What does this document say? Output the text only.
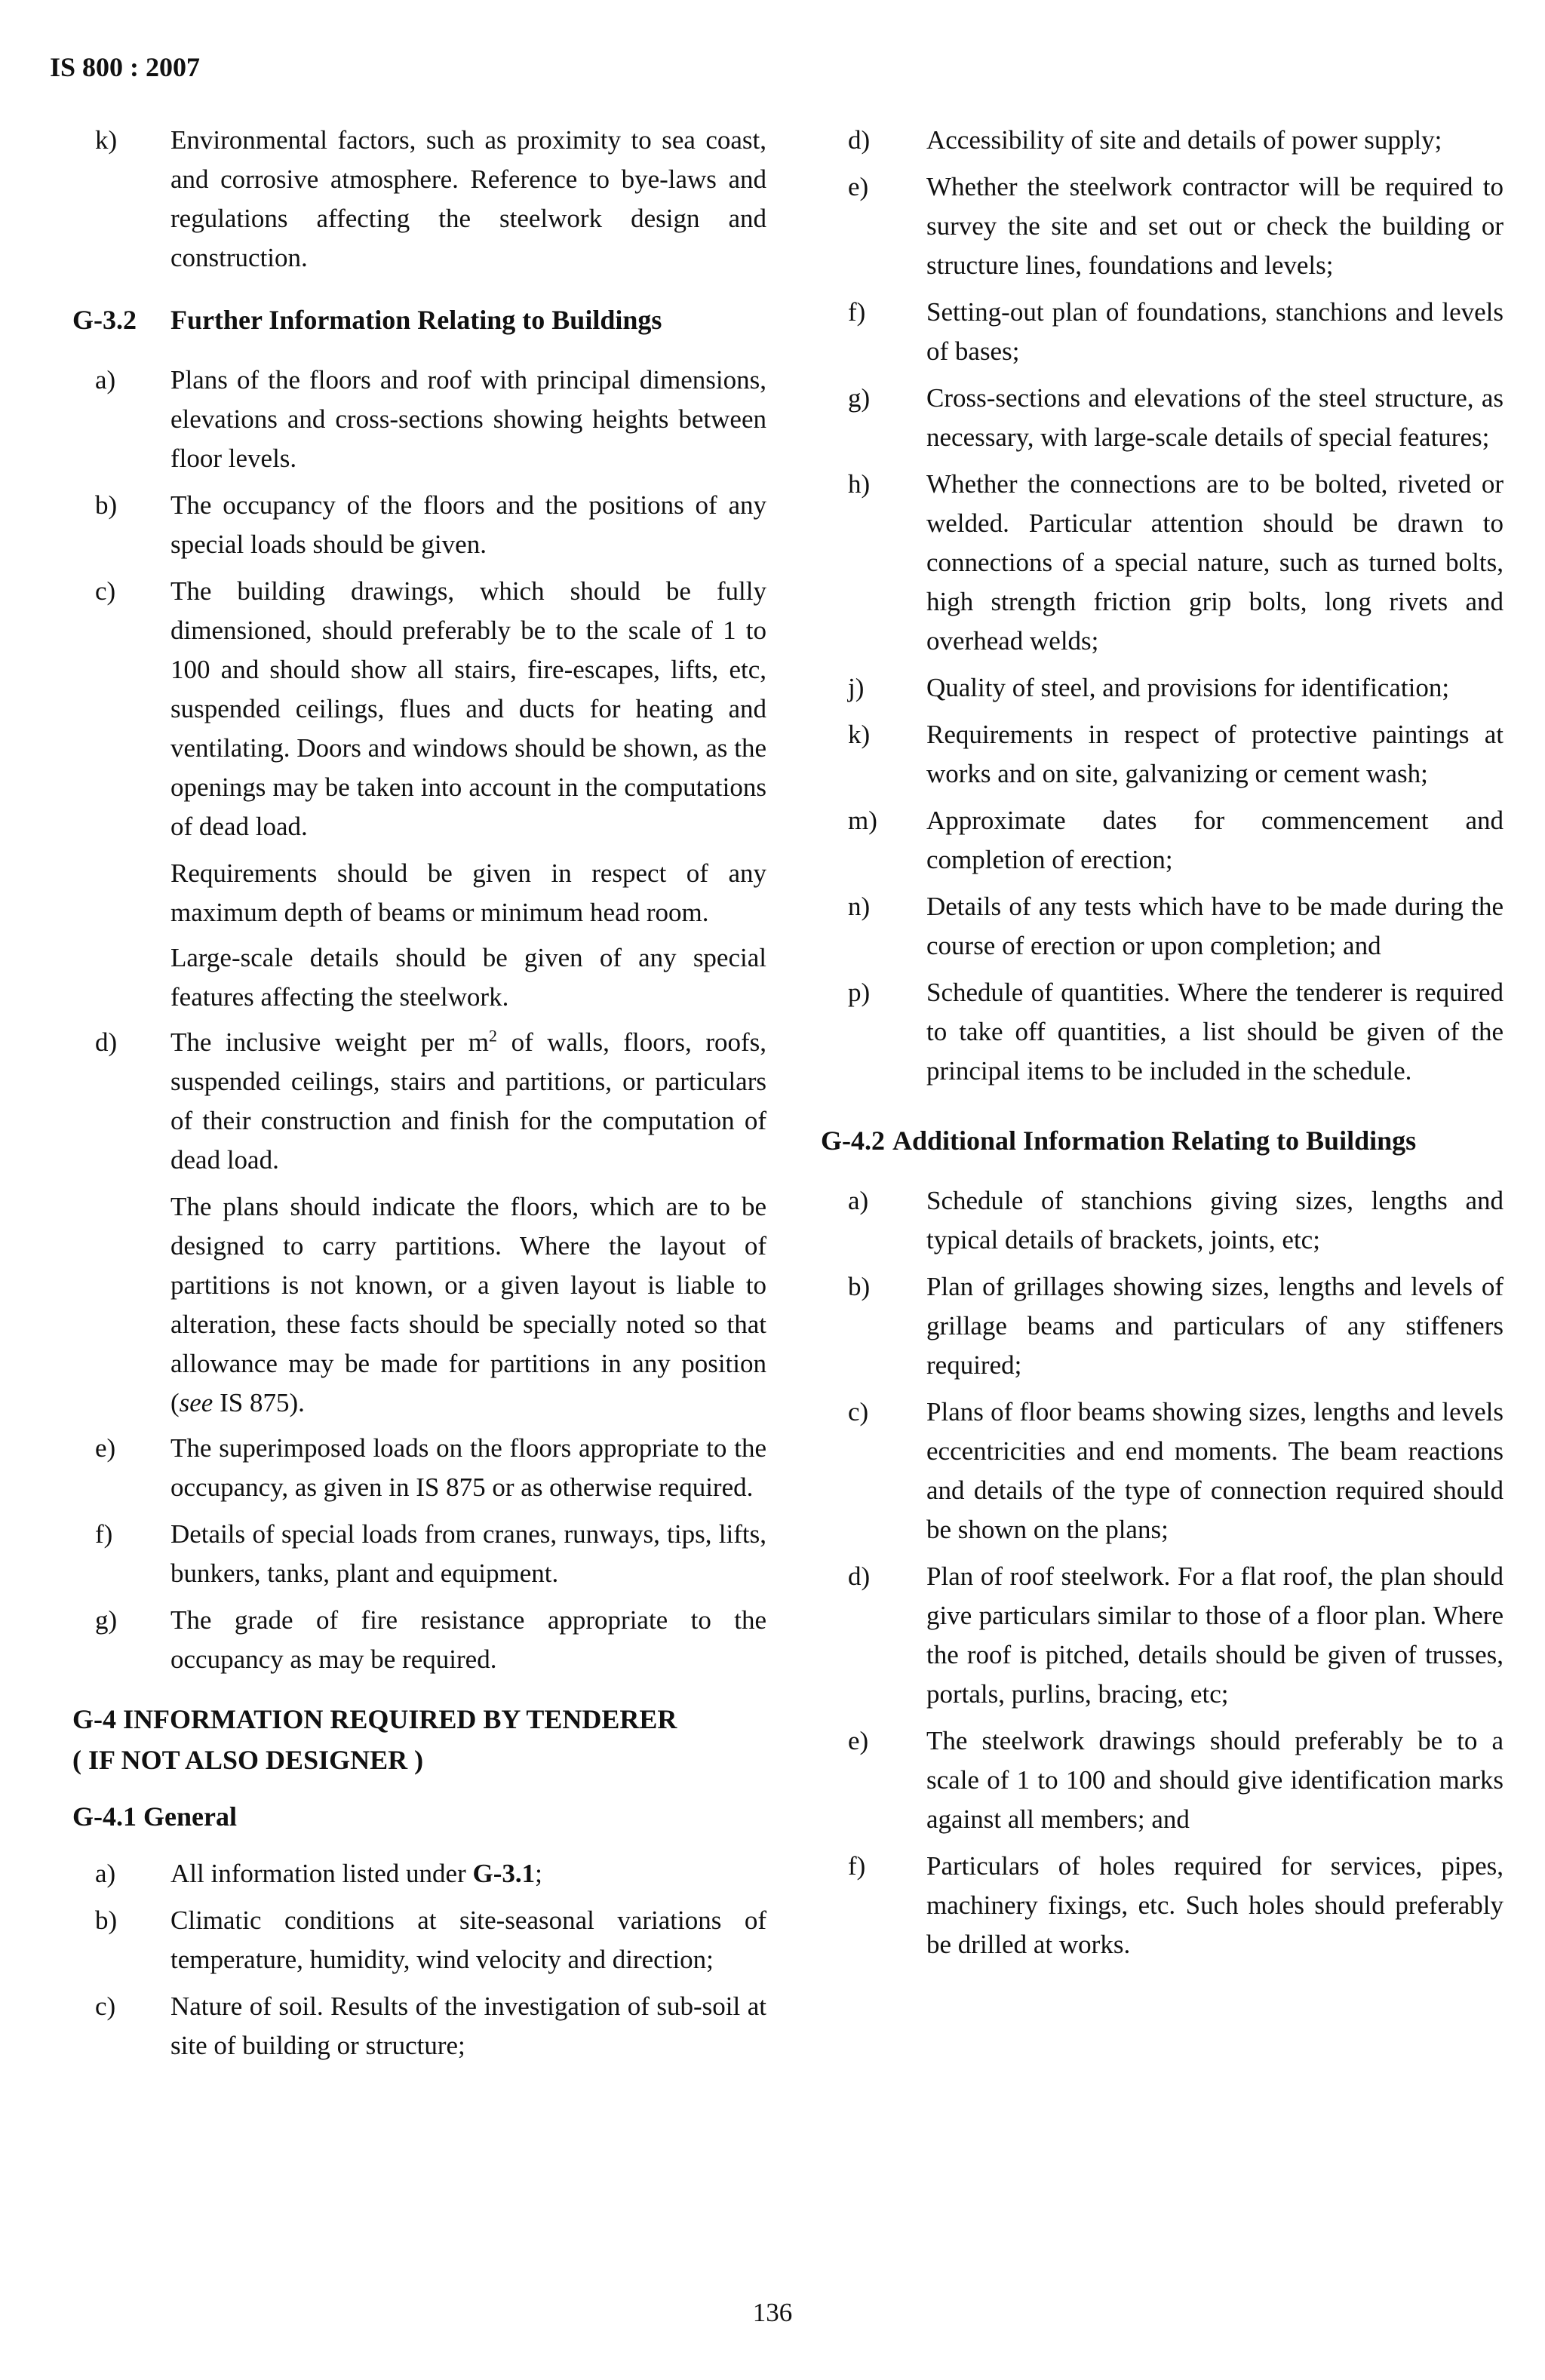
IS 800 : 2007
k)	Environmental factors, such as proximity to sea coast, and corrosive atmosphere. Reference to bye-laws and regulations affecting the steelwork design and construction.
G-3.2	Further Information Relating to Buildings
a)	Plans of the floors and roof with principal dimensions, elevations and cross-sections showing heights between floor levels.
b)	The occupancy of the floors and the positions of any special loads should be given.
c)	The building drawings, which should be fully dimensioned, should preferably be to the scale of 1 to 100 and should show all stairs, fire-escapes, lifts, etc, suspended ceilings, flues and ducts for heating and ventilating. Doors and windows should be shown, as the openings may be taken into account in the computations of dead load.
Requirements should be given in respect of any maximum depth of beams or minimum head room.
Large-scale details should be given of any special features affecting the steelwork.
d)	The inclusive weight per $m^2$ of walls, floors, roofs, suspended ceilings, stairs and partitions, or particulars of their construction and finish for the computation of dead load.
The plans should indicate the floors, which are to be designed to carry partitions. Where the layout of partitions is not known, or a given layout is liable to alteration, these facts should be specially noted so that allowance may be made for partitions in any position (see IS 875).
e)	The superimposed loads on the floors appropriate to the occupancy, as given in IS 875 or as otherwise required.
f)	Details of special loads from cranes, runways, tips, lifts, bunkers, tanks, plant and equipment.
g)	The grade of fire resistance appropriate to the occupancy as may be required.
G-4 INFORMATION REQUIRED BY TENDERER
( IF NOT ALSO DESIGNER )
G-4.1 General
a)	All information listed under G-3.1;
b)	Climatic conditions at site-seasonal variations of temperature, humidity, wind velocity and direction;
c)	Nature of soil. Results of the investigation of sub-soil at site of building or structure;
d)	Accessibility of site and details of power supply;
e)	Whether the steelwork contractor will be required to survey the site and set out or check the building or structure lines, foundations and levels;
f)	Setting-out plan of foundations, stanchions and levels of bases;
g)	Cross-sections and elevations of the steel structure, as necessary, with large-scale details of special features;
h)	Whether the connections are to be bolted, riveted or welded. Particular attention should be drawn to connections of a special nature, such as turned bolts, high strength friction grip bolts, long rivets and overhead welds;
j)	Quality of steel, and provisions for identification;
k)	Requirements in respect of protective paintings at works and on site, galvanizing or cement wash;
m)	Approximate dates for commencement and completion of erection;
n)	Details of any tests which have to be made during the course of erection or upon completion; and
p)	Schedule of quantities. Where the tenderer is required to take off quantities, a list should be given of the principal items to be included in the schedule.
G-4.2 Additional Information Relating to Buildings
a)	Schedule of stanchions giving sizes, lengths and typical details of brackets, joints, etc;
b)	Plan of grillages showing sizes, lengths and levels of grillage beams and particulars of any stiffeners required;
c)	Plans of floor beams showing sizes, lengths and levels eccentricities and end moments. The beam reactions and details of the type of connection required should be shown on the plans;
d)	Plan of roof steelwork. For a flat roof, the plan should give particulars similar to those of a floor plan. Where the roof is pitched, details should be given of trusses, portals, purlins, bracing, etc;
e)	The steelwork drawings should preferably be to a scale of 1 to 100 and should give identification marks against all members; and
f)	Particulars of holes required for services, pipes, machinery fixings, etc. Such holes should preferably be drilled at works.
136
